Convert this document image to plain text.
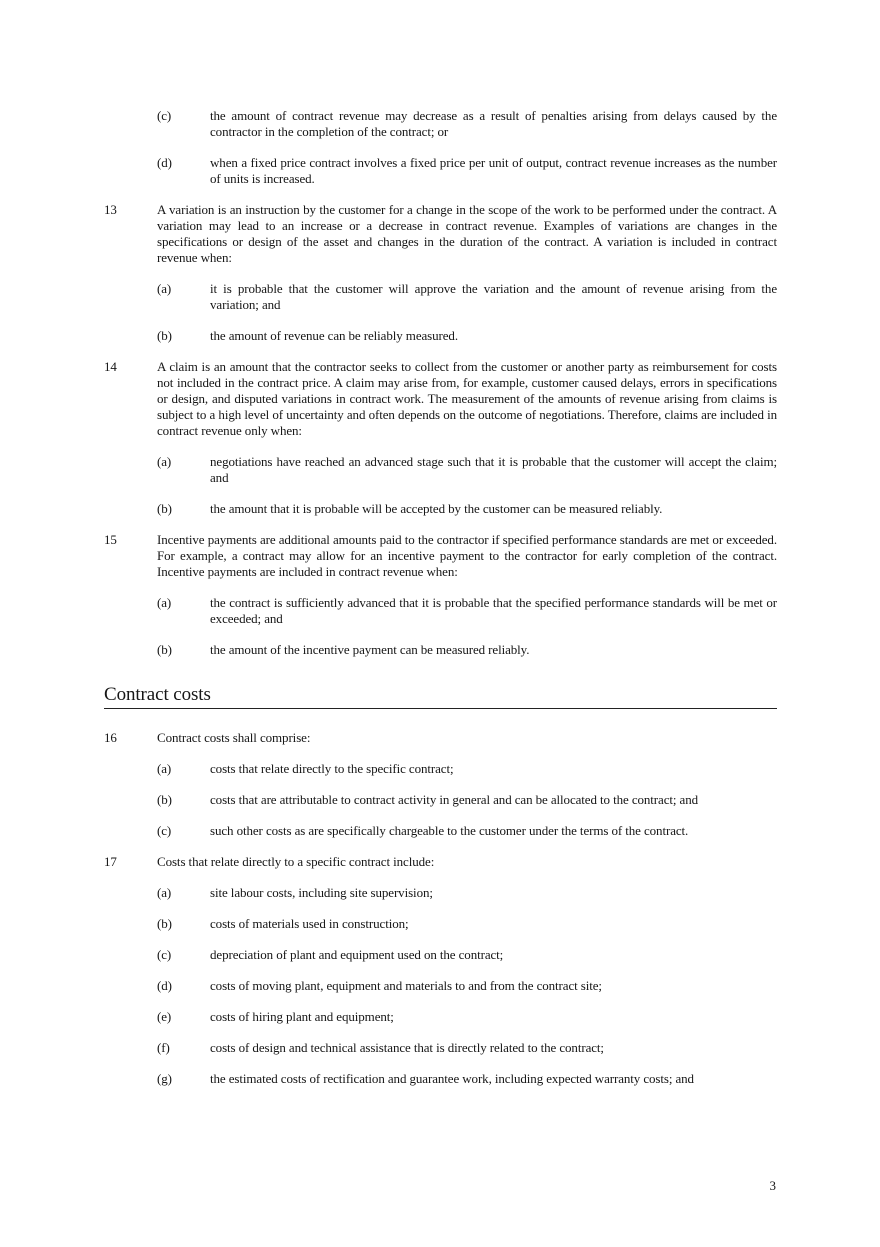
(c)	the amount of contract revenue may decrease as a result of penalties arising from delays caused by the contractor in the completion of the contract; or
(d)	when a fixed price contract involves a fixed price per unit of output, contract revenue increases as the number of units is increased.
13	A variation is an instruction by the customer for a change in the scope of the work to be performed under the contract. A variation may lead to an increase or a decrease in contract revenue. Examples of variations are changes in the specifications or design of the asset and changes in the duration of the contract. A variation is included in contract revenue when:
(a)	it is probable that the customer will approve the variation and the amount of revenue arising from the variation; and
(b)	the amount of revenue can be reliably measured.
14	A claim is an amount that the contractor seeks to collect from the customer or another party as reimbursement for costs not included in the contract price. A claim may arise from, for example, customer caused delays, errors in specifications or design, and disputed variations in contract work. The measurement of the amounts of revenue arising from claims is subject to a high level of uncertainty and often depends on the outcome of negotiations. Therefore, claims are included in contract revenue only when:
(a)	negotiations have reached an advanced stage such that it is probable that the customer will accept the claim; and
(b)	the amount that it is probable will be accepted by the customer can be measured reliably.
15	Incentive payments are additional amounts paid to the contractor if specified performance standards are met or exceeded. For example, a contract may allow for an incentive payment to the contractor for early completion of the contract. Incentive payments are included in contract revenue when:
(a)	the contract is sufficiently advanced that it is probable that the specified performance standards will be met or exceeded; and
(b)	the amount of the incentive payment can be measured reliably.
Contract costs
16	Contract costs shall comprise:
(a)	costs that relate directly to the specific contract;
(b)	costs that are attributable to contract activity in general and can be allocated to the contract; and
(c)	such other costs as are specifically chargeable to the customer under the terms of the contract.
17	Costs that relate directly to a specific contract include:
(a)	site labour costs, including site supervision;
(b)	costs of materials used in construction;
(c)	depreciation of plant and equipment used on the contract;
(d)	costs of moving plant, equipment and materials to and from the contract site;
(e)	costs of hiring plant and equipment;
(f)	costs of design and technical assistance that is directly related to the contract;
(g)	the estimated costs of rectification and guarantee work, including expected warranty costs; and
3
